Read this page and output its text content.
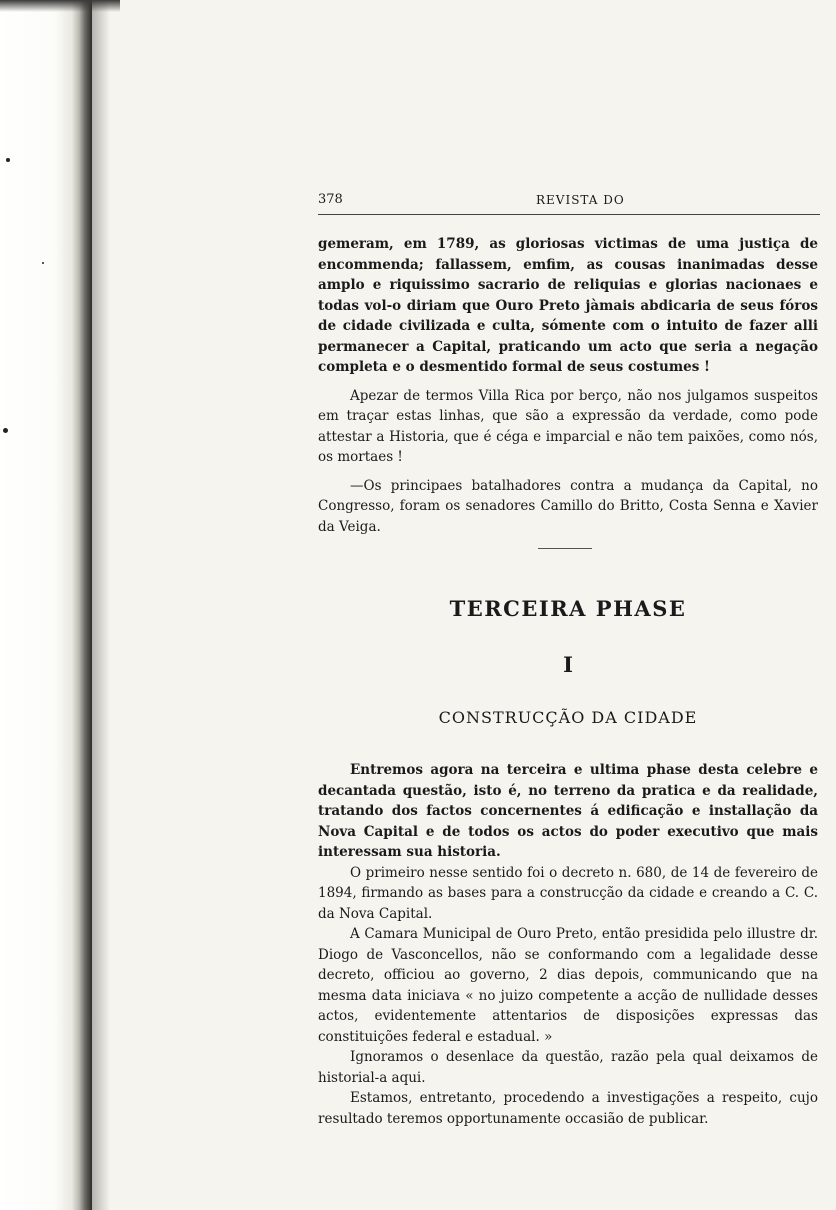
378	REVISTA DO

gemeram, em 1789, as gloriosas victimas de uma justiça de encommenda; fallassem, emfim, as cousas inanimadas desse amplo e riquissimo sacrario de reliquias e glorias nacionaes e todas vol-o diriam que Ouro Preto jàmais abdicaria de seus fóros de cidade civilizada e culta, sómente com o intuito de fazer alli permanecer a Capital, praticando um acto que seria a negação completa e o desmentido formal de seus costumes !

Apezar de termos Villa Rica por berço, não nos julgamos suspeitos em traçar estas linhas, que são a expressão da verdade, como pode attestar a Historia, que é céga e imparcial e não tem paixões, como nós, os mortaes !

—Os principaes batalhadores contra a mudança da Capital, no Congresso, foram os senadores Camillo do Britto, Costa Senna e Xavier da Veiga.

TERCEIRA PHASE
I
CONSTRUCÇÃO DA CIDADE

Entremos agora na terceira e ultima phase desta celebre e decantada questão, isto é, no terreno da pratica e da realidade, tratando dos factos concernentes á edificação e installação da Nova Capital e de todos os actos do poder executivo que mais interessam sua historia.

O primeiro nesse sentido foi o decreto n. 680, de 14 de fevereiro de 1894, firmando as bases para a construcção da cidade e creando a C. C. da Nova Capital.

A Camara Municipal de Ouro Preto, então presidida pelo illustre dr. Diogo de Vasconcellos, não se conformando com a legalidade desse decreto, officiou ao governo, 2 dias depois, communicando que na mesma data iniciava « no juizo competente a acção de nullidade desses actos, evidentemente attentarios de disposições expressas das constituições federal e estadual. »

Ignoramos o desenlace da questão, razão pela qual deixamos de historial-a aqui.

Estamos, entretanto, procedendo a investigações a respeito, cujo resultado teremos opportunamente occasião de publicar.
